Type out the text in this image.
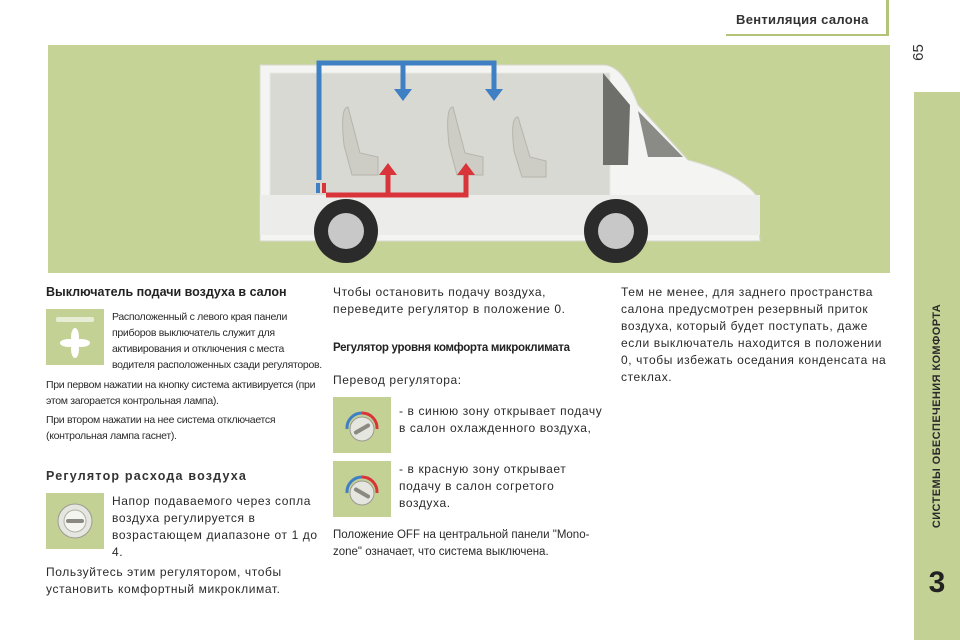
Вентиляция салона
65
СИСТЕМЫ ОБЕСПЕЧЕНИЯ КОМФОРТА
3
Выключатель подачи воздуха в салон
Расположенный с левого края панели приборов выключатель служит для активирования и отключения с места водителя расположенных сзади регуляторов.
При первом нажатии на кнопку система активируется (при этом загорается контрольная лампа).
При втором нажатии на нее система отключается (контрольная лампа гаснет).
Регулятор расхода воздуха
Напор подаваемого через сопла воздуха регулируется в возрастающем диапазоне от 1 до 4.
Пользуйтесь этим регулятором, чтобы установить комфортный микроклимат.
Чтобы остановить подачу воздуха, переведите регулятор в положение 0.
Регулятор уровня комфорта микроклимата
Перевод регулятора:
- в синюю зону открывает подачу в салон охлажденного воздуха,
- в красную зону открывает подачу в салон согретого воздуха.
Положение OFF на центральной панели "Mono-zone" означает, что система выключена.
Тем не менее, для заднего пространства салона предусмотрен резервный приток воздуха, который будет поступать, даже если выключатель находится в положении 0, чтобы избежать оседания конденсата на стеклах.
